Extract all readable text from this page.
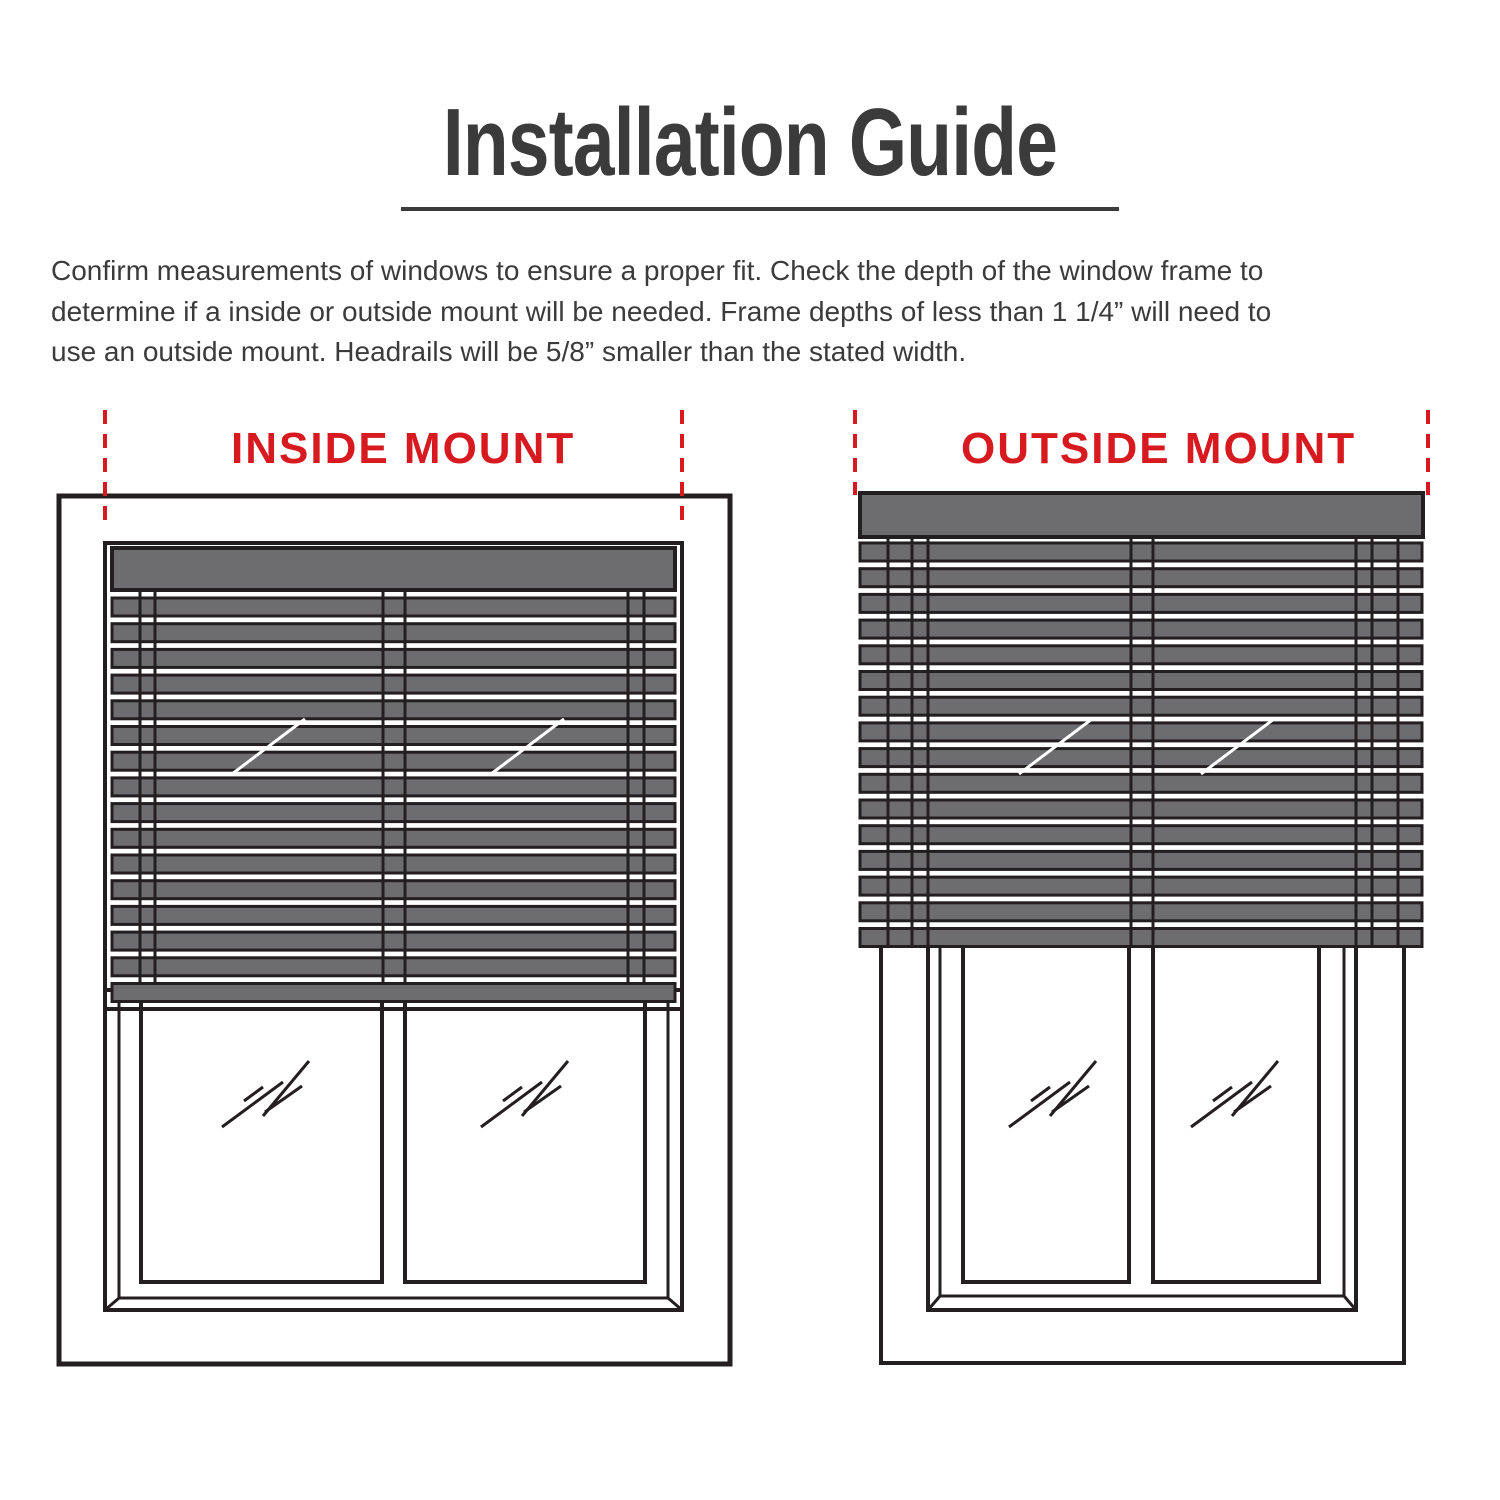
Installation Guide
Confirm measurements of windows to ensure a proper fit. Check the depth of the window frame to
determine if a inside or outside mount will be needed. Frame depths of less than 1 1/4” will need to
use an outside mount. Headrails will be 5/8” smaller than the stated width.
INSIDE MOUNT	OUTSIDE MOUNT
